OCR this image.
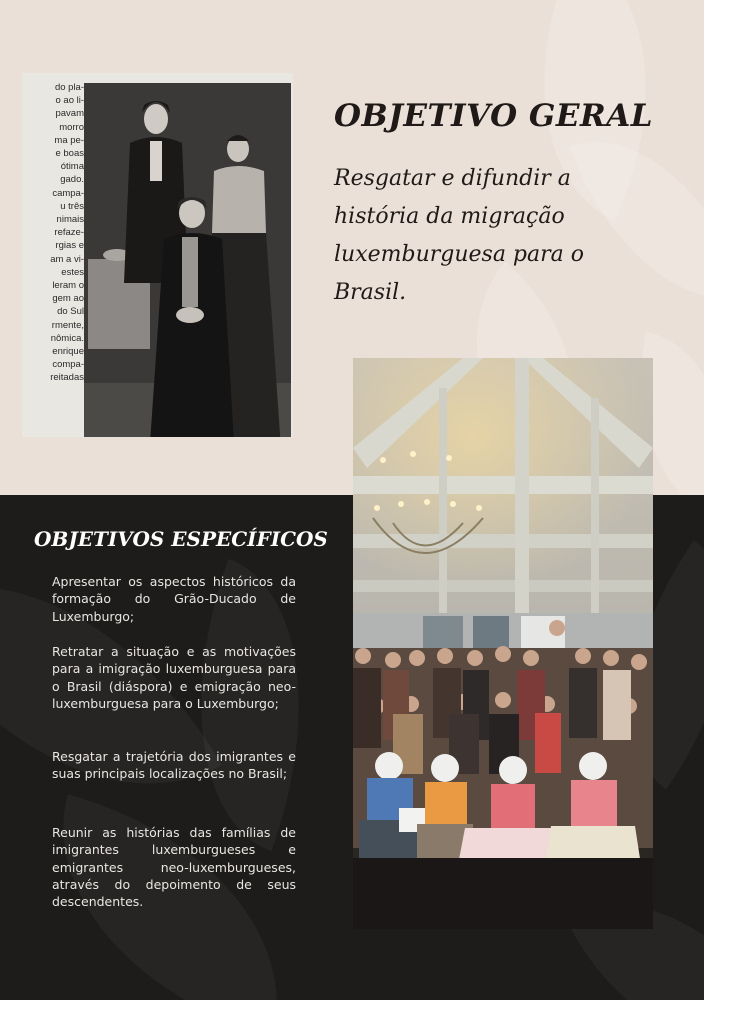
do pla-
o ao li-
pavam
morro
ma pe-
e boas
ótima
gado.
campa-
u três
nimais
refaze-
rgias e
am a vi-
estes
leram o
gem ao
do Sul
rmente,
nômica.
enrique
compa-
reitadas
OBJETIVO GERAL
Resgatar e difundir a história da migração luxemburguesa para o Brasil.
OBJETIVOS ESPECÍFICOS
Apresentar os aspectos históricos da formação do Grão-Ducado de Luxemburgo;
Retratar a situação e as motivações para a imigração luxemburguesa para o Brasil (diáspora) e emigração neo-luxemburguesa para o Luxemburgo;
Resgatar a trajetória dos imigrantes e suas principais localizações no Brasil;
Reunir as histórias das famílias de imigrantes luxemburgueses e emigrantes neo-luxemburgueses, através do depoimento de seus descendentes.
